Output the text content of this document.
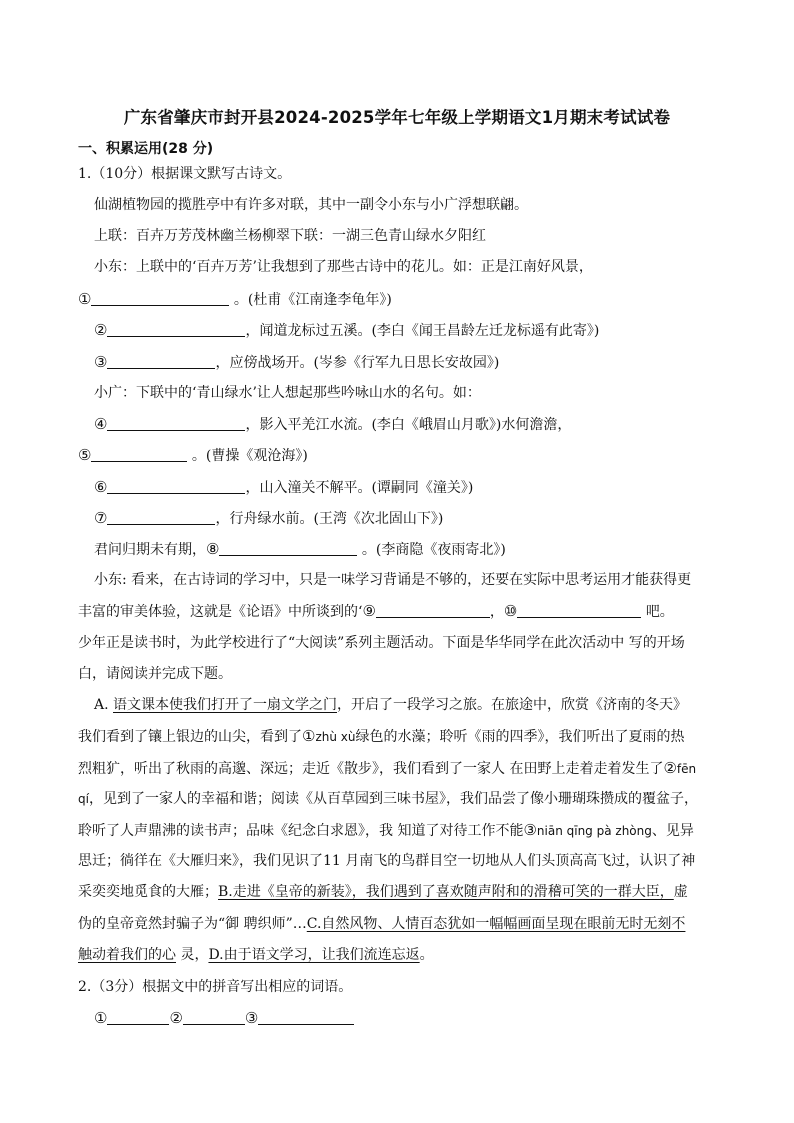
广东省肇庆市封开县2024-2025学年七年级上学期语文1月期末考试试卷
一、积累运用(28 分)
1.（10分）根据课文默写古诗文。
仙湖植物园的揽胜亭中有许多对联，其中一副令小东与小广浮想联翩。
上联：百卉万芳茂林幽兰杨柳翠下联：一湖三色青山绿水夕阳红
小东：上联中的‘百卉万芳’让我想到了那些古诗中的花儿。如：正是江南好风景，
①	。(杜甫《江南逢李龟年》)
②	，闻道龙标过五溪。(李白《闻王昌龄左迁龙标遥有此寄》)
③	，应傍战场开。(岑参《行军九日思长安故园》)
小广：下联中的‘青山绿水’让人想起那些吟咏山水的名句。如：
④	，影入平羌江水流。(李白《峨眉山月歌》)水何澹澹，
⑤	。(曹操《观沧海》)
⑥	，山入潼关不解平。(谭嗣同《潼关》)
⑦	，行舟绿水前。(王湾《次北固山下》)
君问归期未有期，⑧	。(李商隐《夜雨寄北》)
小东: 看来，在古诗词的学习中，只是一味学习背诵是不够的，还要在实际中思考运用才能获得更
丰富的审美体验，这就是《论语》中所谈到的‘⑨	，⑩	吧。
少年正是读书时，为此学校进行了“大阅读”系列主题活动。下面是华华同学在此次活动中 写的开场
白，请阅读并完成下题。
A. 语文课本使我们打开了一扇文学之门，开启了一段学习之旅。在旅途中，欣赏《济南的冬天》
我们看到了镶上银边的山尖，看到了①zhù xù绿色的水藻；聆听《雨的四季》，我们听出了夏雨的热
烈粗犷，听出了秋雨的高邈、深远；走近《散步》，我们看到了一家人 在田野上走着走着发生了②fēn
qí，见到了一家人的幸福和谐；阅读《从百草园到三味书屋》，我们品尝了像小珊瑚珠攒成的覆盆子，
聆听了人声鼎沸的读书声；品味《纪念白求恩》，我 知道了对待工作不能③niān qīng pà zhòng、见异
思迁；徜徉在《大雁归来》，我们见识了11 月南飞的鸟群目空一切地从人们头顶高高飞过，认识了神
采奕奕地觅食的大雁；B.走进《皇帝的新装》，我们遇到了喜欢随声附和的滑稽可笑的一群大臣，虚
伪的皇帝竟然封骗子为“御 聘织师”…C.自然风物、人情百态犹如一幅幅画面呈现在眼前无时无刻不
触动着我们的心 灵，D.由于语文学习，让我们流连忘返。
2.（3分）根据文中的拼音写出相应的词语。
①	②	③
